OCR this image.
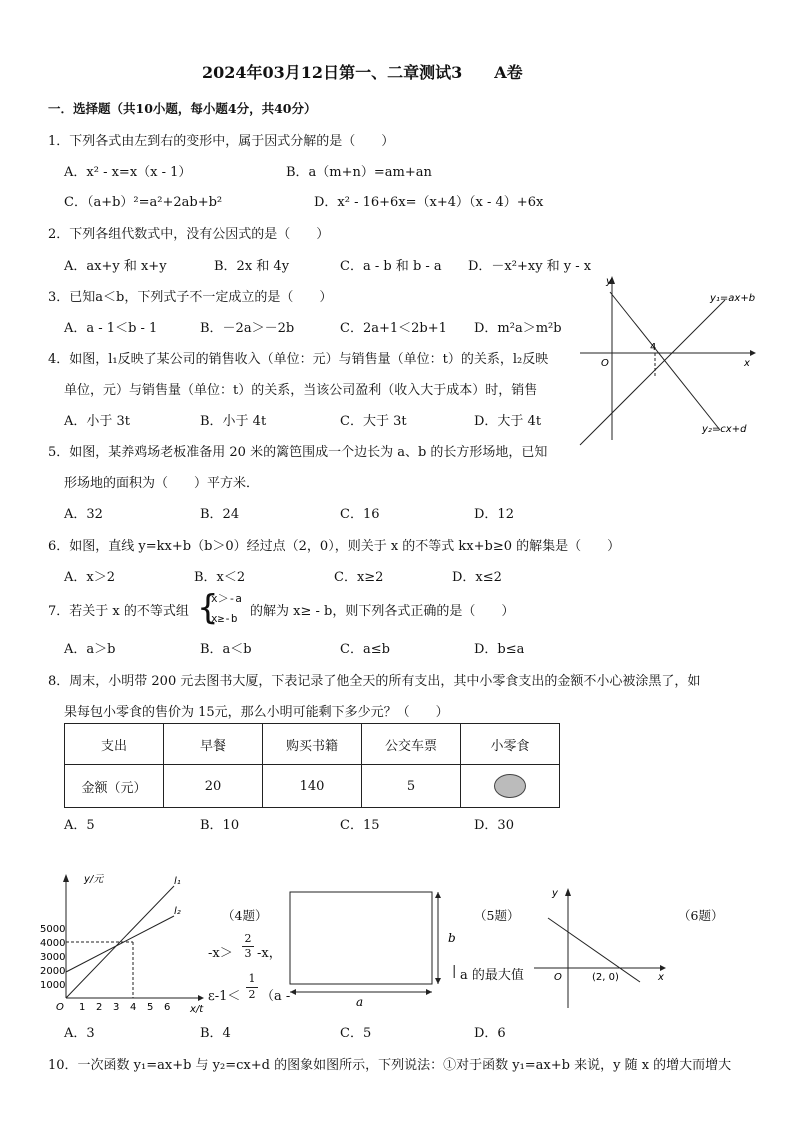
2024年03月12日第一、二章测试3　　A卷
一．选择题（共10小题，每小题4分，共40分）
1．下列各式由左到右的变形中，属于因式分解的是（　　）
A．x² - x=x（x - 1）	B．a（m+n）=am+an
C．（a+b）²=a²+2ab+b²	D．x² - 16+6x=（x+4）（x - 4）+6x
2．下列各组代数式中，没有公因式的是（　　）
A．ax+y 和 x+y	B．2x 和 4y	C．a - b 和 b - a D．－x²+xy 和 y - x
3．已知a＜b，下列式子不一定成立的是（　　）
A．a - 1＜b - 1	B．－2a＞－2b	C．2a+1＜2b+1 D．m²a＞m²b
4．如图，l₁反映了某公司的销售收入（单位：元）与销售量（单位：t）的关系，l₂反映
单位，元）与销售量（单位：t）的关系，当该公司盈利（收入大于成本）时，销售
A．小于 3t	B．小于 4t	C．大于 3t	D．大于 4t
y
x
O
4
y₁=ax+b
y₂=cx+d
5．如图，某养鸡场老板准备用 20 米的篱笆围成一个边长为 a、b 的长方形场地，已知
形场地的面积为（　　）平方米．
A．32	B．24	C．16	D．12
6．如图，直线 y=kx+b（b＞0）经过点（2，0），则关于 x 的不等式 kx+b≥0 的解集是（　　）
A．x＞2	B．x＜2	C．x≥2	D．x≤2
7．若关于 x 的不等式组 {
x＞-a
x≥-b 的解为 x≥ - b，则下列各式正确的是（　　）
A．a＞b	B．a＜b	C．a≤b	D．b≤a
8．周末，小明带 200 元去图书大厦，下表记录了他全天的所有支出，其中小零食支出的金额不小心被涂黑了，如
果每包小零食的售价为 15元，那么小明可能剩下多少元？（　　）
支出	早餐	购买书籍	公交车票	小零食
金额（元）	20	140	5	
A．5	B．10	C．15	D．30
y/元
x/t
O
5000
4000
3000
2000
1000
1 2 3 4 5 6
l₁
l₂	（4题）	（5题）	（6题）
-x＞
2
3 -x，
ε-1＜
1
2 （a -	a
b
| a 的最大值
y
x
O	(2, 0)
A．3	B．4	C．5	D．6
10．一次函数 y₁=ax+b 与 y₂=cx+d 的图象如图所示，下列说法：①对于函数 y₁=ax+b 来说，y 随 x 的增大而增大
